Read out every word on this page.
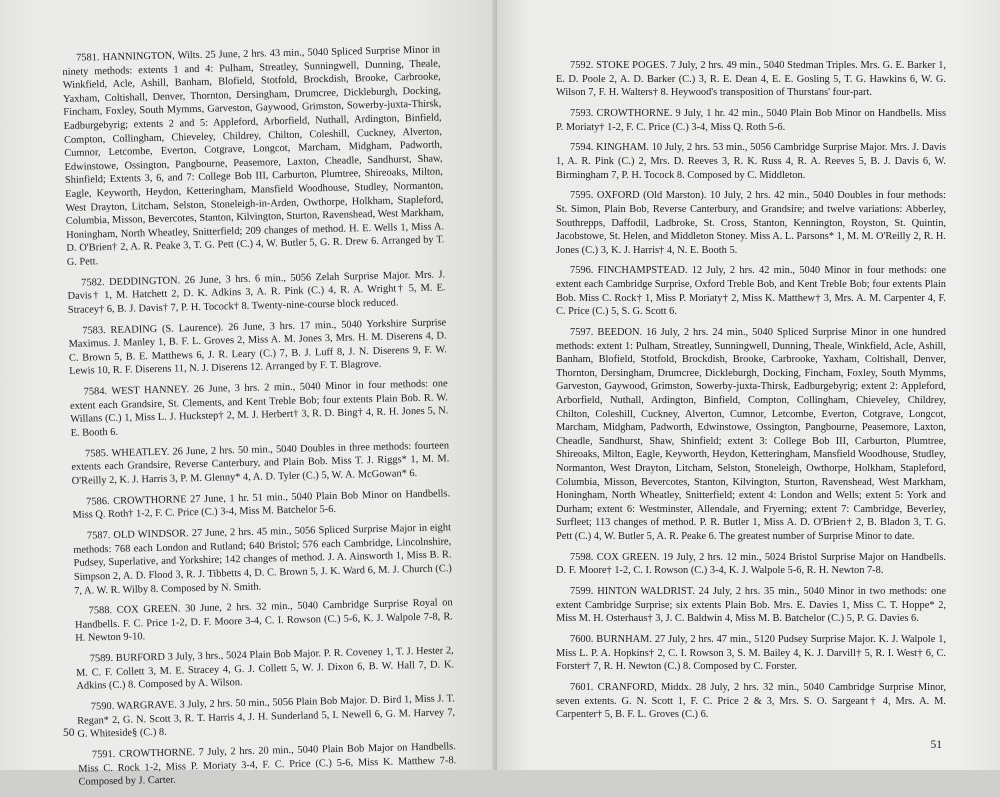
7581. HANNINGTON, Wilts. 25 June, 2 hrs. 43 min., 5040 Spliced Surprise Minor in ninety methods: extents 1 and 4: Pulham, Streatley, Sunningwell, Dunning, Theale, Winkfield, Acle, Ashill, Banham, Blofield, Stotfold, Brockdish, Brooke, Carbrooke, Yaxham, Coltishall, Denver, Thornton, Dersingham, Drumcree, Dickleburgh, Docking, Fincham, Foxley, South Mymms, Garveston, Gaywood, Grimston, Sowerby-juxta-Thirsk, Eadburgebyrig; extents 2 and 5: Appleford, Arborfield, Nuthall, Ardington, Binfield, Compton, Collingham, Chieveley, Childrey, Chilton, Coleshill, Cuckney, Alverton, Cumnor, Letcombe, Everton, Cotgrave, Longcot, Marcham, Midgham, Padworth, Edwinstowe, Ossington, Pangbourne, Peasemore, Laxton, Cheadle, Sandhurst, Shaw, Shinfield; Extents 3, 6, and 7: College Bob III, Carburton, Plumtree, Shireoaks, Milton, Eagle, Keyworth, Heydon, Ketteringham, Mansfield Woodhouse, Studley, Normanton, West Drayton, Litcham, Selston, Stoneleigh-in-Arden, Owthorpe, Holkham, Stapleford, Columbia, Misson, Bevercotes, Stanton, Kilvington, Sturton, Ravenshead, West Markham, Honingham, North Wheatley, Snitterfield; 209 changes of method. H. E. Wells 1, Miss A. D. O'Brien† 2, A. R. Peake 3, T. G. Pett (C.) 4, W. Butler 5, G. R. Drew 6. Arranged by T. G. Pett.

7582. DEDDINGTON. 26 June, 3 hrs. 6 min., 5056 Zelah Surprise Major. Mrs. J. Davis† 1, M. Hatchett 2, D. K. Adkins 3, A. R. Pink (C.) 4, R. A. Wright† 5, M. E. Stracey† 6, B. J. Davis† 7, P. H. Tocock† 8. Twenty-nine-course block reduced.

7583. READING (S. Laurence). 26 June, 3 hrs. 17 min., 5040 Yorkshire Surprise Maximus. J. Manley 1, B. F. L. Groves 2, Miss A. M. Jones 3, Mrs. H. M. Diserens 4, D. C. Brown 5, B. E. Matthews 6, J. R. Leary (C.) 7, B. J. Luff 8, J. N. Diserens 9, F. W. Lewis 10, R. F. Diserens 11, N. J. Diserens 12. Arranged by F. T. Blagrove.

7584. WEST HANNEY. 26 June, 3 hrs. 2 min., 5040 Minor in four methods: one extent each Grandsire, St. Clements, and Kent Treble Bob; four extents Plain Bob. R. W. Willans (C.) 1, Miss L. J. Huckstep† 2, M. J. Herbert† 3, R. D. Bing† 4, R. H. Jones 5, N. E. Booth 6.

7585. WHEATLEY. 26 June, 2 hrs. 50 min., 5040 Doubles in three methods: fourteen extents each Grandsire, Reverse Canterbury, and Plain Bob. Miss T. J. Riggs* 1, M. M. O'Reilly 2, K. J. Harris 3, P. M. Glenny* 4, A. D. Tyler (C.) 5, W. A. McGowan* 6.

7586. CROWTHORNE 27 June, 1 hr. 51 min., 5040 Plain Bob Minor on Handbells. Miss Q. Roth† 1-2, F. C. Price (C.) 3-4, Miss M. Batchelor 5-6.

7587. OLD WINDSOR. 27 June, 2 hrs. 45 min., 5056 Spliced Surprise Major in eight methods: 768 each London and Rutland; 640 Bristol; 576 each Cambridge, Lincolnshire, Pudsey, Superlative, and Yorkshire; 142 changes of method. J. A. Ainsworth 1, Miss B. R. Simpson 2, A. D. Flood 3, R. J. Tibbetts 4, D. C. Brown 5, J. K. Ward 6, M. J. Church (C.) 7, A. W. R. Wilby 8. Composed by N. Smith.

7588. COX GREEN. 30 June, 2 hrs. 32 min., 5040 Cambridge Surprise Royal on Handbells. F. C. Price 1-2, D. F. Moore 3-4, C. I. Rowson (C.) 5-6, K. J. Walpole 7-8, R. H. Newton 9-10.

7589. BURFORD 3 July, 3 hrs., 5024 Plain Bob Major. P. R. Coveney 1, T. J. Hester 2, M. C. F. Collett 3, M. E. Stracey 4, G. J. Collett 5, W. J. Dixon 6, B. W. Hall 7, D. K. Adkins (C.) 8. Composed by A. Wilson.

7590. WARGRAVE. 3 July, 2 hrs. 50 min., 5056 Plain Bob Major. D. Bird 1, Miss J. T. Regan* 2, G. N. Scott 3, R. T. Harris 4, J. H. Sunderland 5, I. Newell 6, G. M. Harvey 7, G. Whiteside§ (C.) 8.

7591. CROWTHORNE. 7 July, 2 hrs. 20 min., 5040 Plain Bob Major on Handbells. Miss C. Rock 1-2, Miss P. Moriaty 3-4, F. C. Price (C.) 5-6, Miss K. Matthew 7-8. Composed by J. Carter.

50

7592. STOKE POGES. 7 July, 2 hrs. 49 min., 5040 Stedman Triples. Mrs. G. E. Barker 1, E. D. Poole 2, A. D. Barker (C.) 3, R. E. Dean 4, E. E. Gosling 5, T. G. Hawkins 6, W. G. Wilson 7, F. H. Walters† 8. Heywood's transposition of Thurstans' four-part.

7593. CROWTHORNE. 9 July, 1 hr. 42 min., 5040 Plain Bob Minor on Handbells. Miss P. Moriaty† 1-2, F. C. Price (C.) 3-4, Miss Q. Roth 5-6.

7594. KINGHAM. 10 July, 2 hrs. 53 min., 5056 Cambridge Surprise Major. Mrs. J. Davis 1, A. R. Pink (C.) 2, Mrs. D. Reeves 3, R. K. Russ 4, R. A. Reeves 5, B. J. Davis 6, W. Birmingham 7, P. H. Tocock 8. Composed by C. Middleton.

7595. OXFORD (Old Marston). 10 July, 2 hrs. 42 min., 5040 Doubles in four methods: St. Simon, Plain Bob, Reverse Canterbury, and Grandsire; and twelve variations: Abberley, Southrepps, Daffodil, Ladbroke, St. Cross, Stanton, Kennington, Royston, St. Quintin, Jacobstowe, St. Helen, and Middleton Stoney. Miss A. L. Parsons* 1, M. M. O'Reilly 2, R. H. Jones (C.) 3, K. J. Harris† 4, N. E. Booth 5.

7596. FINCHAMPSTEAD. 12 July, 2 hrs. 42 min., 5040 Minor in four methods: one extent each Cambridge Surprise, Oxford Treble Bob, and Kent Treble Bob; four extents Plain Bob. Miss C. Rock† 1, Miss P. Moriaty† 2, Miss K. Matthew† 3, Mrs. A. M. Carpenter 4, F. C. Price (C.) 5, S. G. Scott 6.

7597. BEEDON. 16 July, 2 hrs. 24 min., 5040 Spliced Surprise Minor in one hundred methods: extent 1: Pulham, Streatley, Sunningwell, Dunning, Theale, Winkfield, Acle, Ashill, Banham, Blofield, Stotfold, Brockdish, Brooke, Carbrooke, Yaxham, Coltishall, Denver, Thornton, Dersingham, Drumcree, Dickleburgh, Docking, Fincham, Foxley, South Mymms, Garveston, Gaywood, Grimston, Sowerby-juxta-Thirsk, Eadburgebyrig; extent 2: Appleford, Arborfield, Nuthall, Ardington, Binfield, Compton, Collingham, Chieveley, Childrey, Chilton, Coleshill, Cuckney, Alverton, Cumnor, Letcombe, Everton, Cotgrave, Longcot, Marcham, Midgham, Padworth, Edwinstowe, Ossington, Pangbourne, Peasemore, Laxton, Cheadle, Sandhurst, Shaw, Shinfield; extent 3: College Bob III, Carburton, Plumtree, Shireoaks, Milton, Eagle, Keyworth, Heydon, Ketteringham, Mansfield Woodhouse, Studley, Normanton, West Drayton, Litcham, Selston, Stoneleigh, Owthorpe, Holkham, Stapleford, Columbia, Misson, Bevercotes, Stanton, Kilvington, Sturton, Ravenshead, West Markham, Honingham, North Wheatley, Snitterfield; extent 4: London and Wells; extent 5: York and Durham; extent 6: Westminster, Allendale, and Fryerning; extent 7: Cambridge, Beverley, Surfleet; 113 changes of method. P. R. Butler 1, Miss A. D. O'Brien† 2, B. Bladon 3, T. G. Pett (C.) 4, W. Butler 5, A. R. Peake 6. The greatest number of Surprise Minor to date.

7598. COX GREEN. 19 July, 2 hrs. 12 min., 5024 Bristol Surprise Major on Handbells. D. F. Moore† 1-2, C. I. Rowson (C.) 3-4, K. J. Walpole 5-6, R. H. Newton 7-8.

7599. HINTON WALDRIST. 24 July, 2 hrs. 35 min., 5040 Minor in two methods: one extent Cambridge Surprise; six extents Plain Bob. Mrs. E. Davies 1, Miss C. T. Hoppe* 2, Miss M. H. Osterhaus† 3, J. C. Baldwin 4, Miss M. B. Batchelor (C.) 5, P. G. Davies 6.

7600. BURNHAM. 27 July, 2 hrs. 47 min., 5120 Pudsey Surprise Major. K. J. Walpole 1, Miss L. P. A. Hopkins† 2, C. I. Rowson 3, S. M. Bailey 4, K. J. Darvill† 5, R. I. West† 6, C. Forster† 7, R. H. Newton (C.) 8. Composed by C. Forster.

7601. CRANFORD, Middx. 28 July, 2 hrs. 32 min., 5040 Cambridge Surprise Minor, seven extents. G. N. Scott 1, F. C. Price 2 & 3, Mrs. S. O. Sargeant† 4, Mrs. A. M. Carpenter† 5, B. F. L. Groves (C.) 6.

51
